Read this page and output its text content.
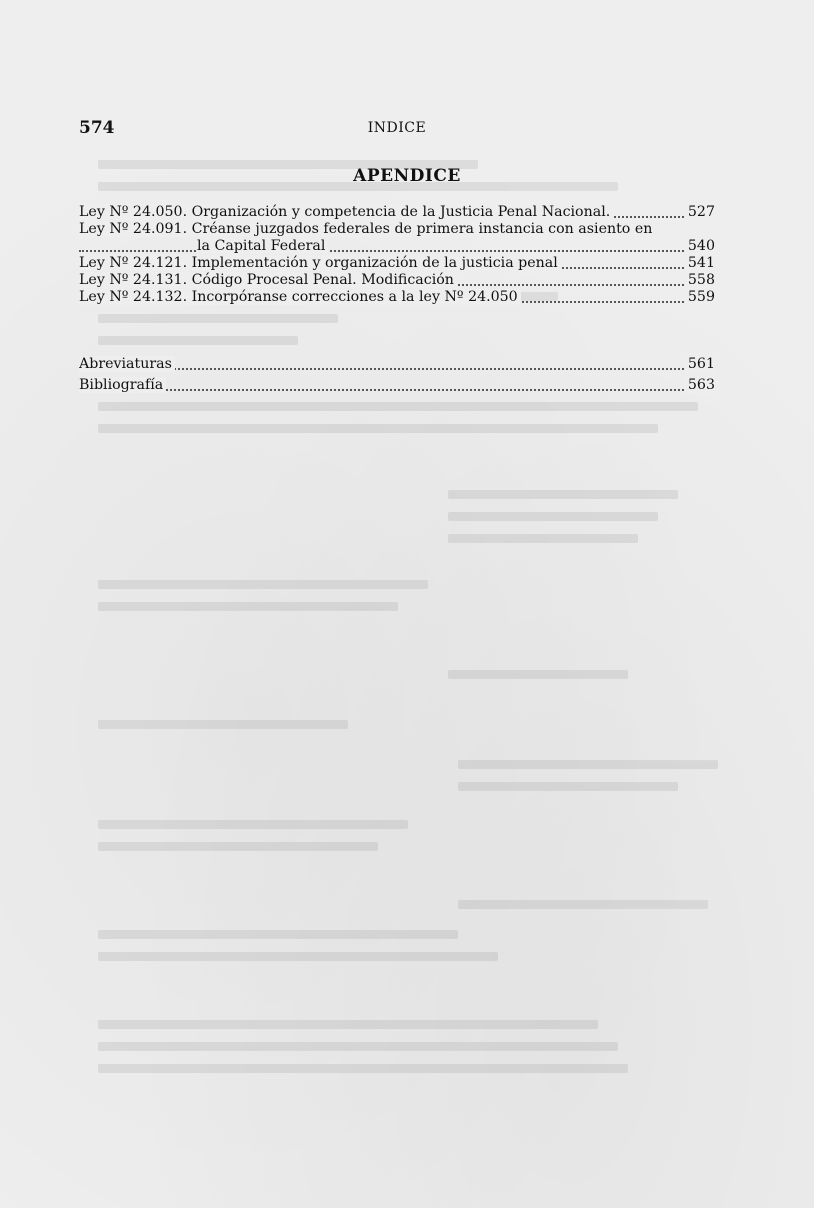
574	INDICE
APENDICE
Ley Nº 24.050. Organización y competencia de la Justicia Penal Nacional.	527
Ley Nº 24.091. Créanse juzgados federales de primera instancia con asiento en
la Capital Federal	540
Ley Nº 24.121. Implementación y organización de la justicia penal	541
Ley Nº 24.131. Código Procesal Penal. Modificación	558
Ley Nº 24.132. Incorpóranse correcciones a la ley Nº 24.050	559
Abreviaturas	561
Bibliografía	563
